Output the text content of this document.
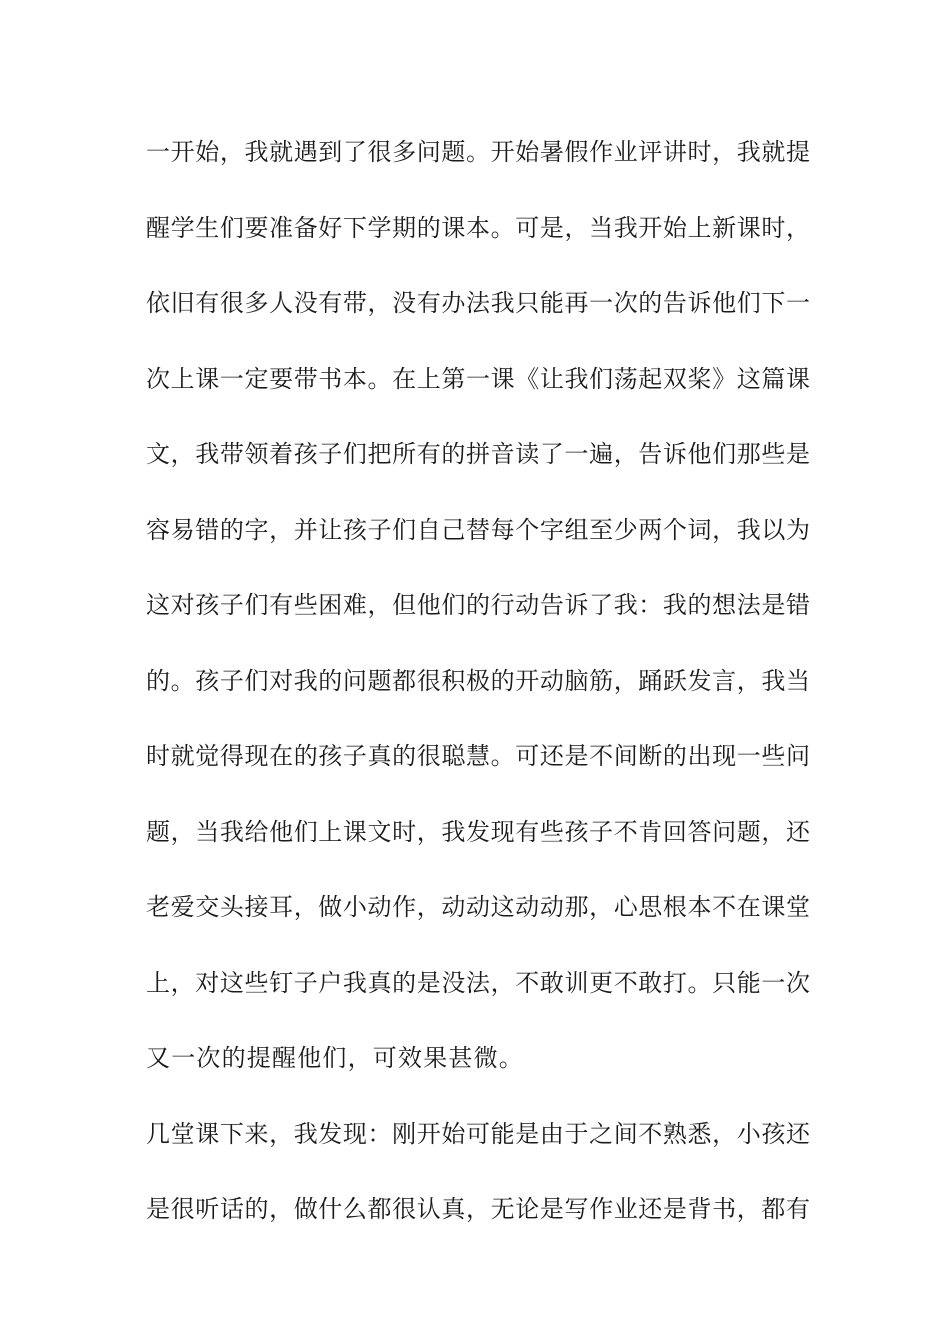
一开始，我就遇到了很多问题。开始暑假作业评讲时，我就提
醒学生们要准备好下学期的课本。可是，当我开始上新课时，
依旧有很多人没有带，没有办法我只能再一次的告诉他们下一
次上课一定要带书本。在上第一课《让我们荡起双桨》这篇课
文，我带领着孩子们把所有的拼音读了一遍，告诉他们那些是
容易错的字，并让孩子们自己替每个字组至少两个词，我以为
这对孩子们有些困难，但他们的行动告诉了我：我的想法是错
的。孩子们对我的问题都很积极的开动脑筋，踊跃发言，我当
时就觉得现在的孩子真的很聪慧。可还是不间断的出现一些问
题，当我给他们上课文时，我发现有些孩子不肯回答问题，还
老爱交头接耳，做小动作，动动这动动那，心思根本不在课堂
上，对这些钉子户我真的是没法，不敢训更不敢打。只能一次
又一次的提醒他们，可效果甚微。
几堂课下来，我发现：刚开始可能是由于之间不熟悉，小孩还
是很听话的，做什么都很认真，无论是写作业还是背书，都有
